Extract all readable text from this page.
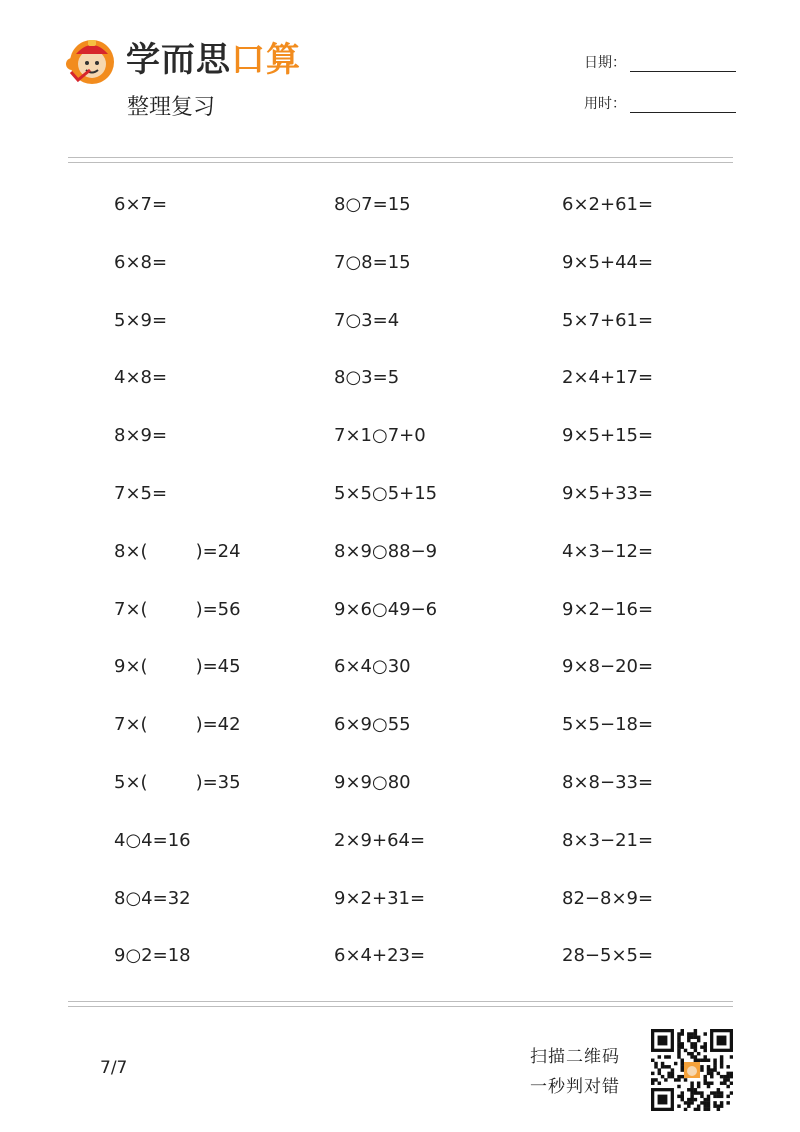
学而思口算
整理复习
日期：
用时：
6×7=	8○7=15	6×2+61=
6×8=	7○8=15	9×5+44=
5×9=	7○3=4	5×7+61=
4×8=	8○3=5	2×4+17=
8×9=	7×1○7+0	9×5+15=
7×5=	5×5○5+15	9×5+33=
8×(	)=24	8×9○88−9	4×3−12=
7×(	)=56	9×6○49−6	9×2−16=
9×(	)=45	6×4○30	9×8−20=
7×(	)=42	6×9○55	5×5−18=
5×(	)=35	9×9○80	8×8−33=
4○4=16	2×9+64=	8×3−21=
8○4=32	9×2+31=	82−8×9=
9○2=18	6×4+23=	28−5×5=
7/7
扫描二维码
一秒判对错
